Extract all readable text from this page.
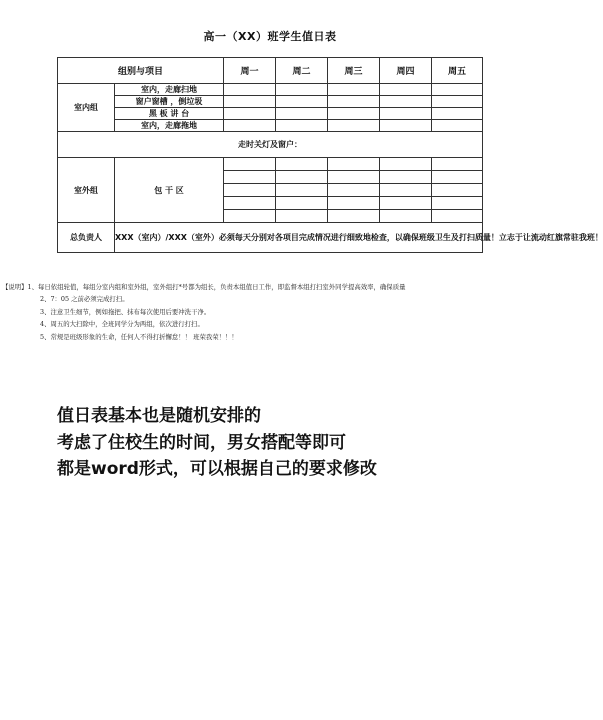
高一（XX）班学生值日表
组别与项目		周一	周二	周三	周四	周五
室内组	室内，走廊扫地					
	窗户窗槽 ，倒垃圾					
	黑 板 讲 台					
	室内，走廊拖地					
走时关灯及窗户：						
室外组	包 干 区					

总负责人	XXX（室内）/XXX（室外）必须每天分别对各项目完成情况进行细致地检查，以确保班级卫生及打扫质量！立志于让流动红旗常驻我班！					
【说明】1、每日依组轮值，每组分室内组和室外组，室外组打*号都为组长，负责本组值日工作，即监督本组打扫室外同学提高效率，确保质量
2、7：05 之前必须完成打扫。
3、注意卫生细节，例如拖把、抹布每次使用后要冲洗干净。
4、周五的大扫除中，全班同学分为两组，依次进行打扫。
5、常规是班级形象的生命，任何人不得打折懈怠！！ 班荣我荣！！！
值日表基本也是随机安排的
考虑了住校生的时间，男女搭配等即可
都是word形式，可以根据自己的要求修改
